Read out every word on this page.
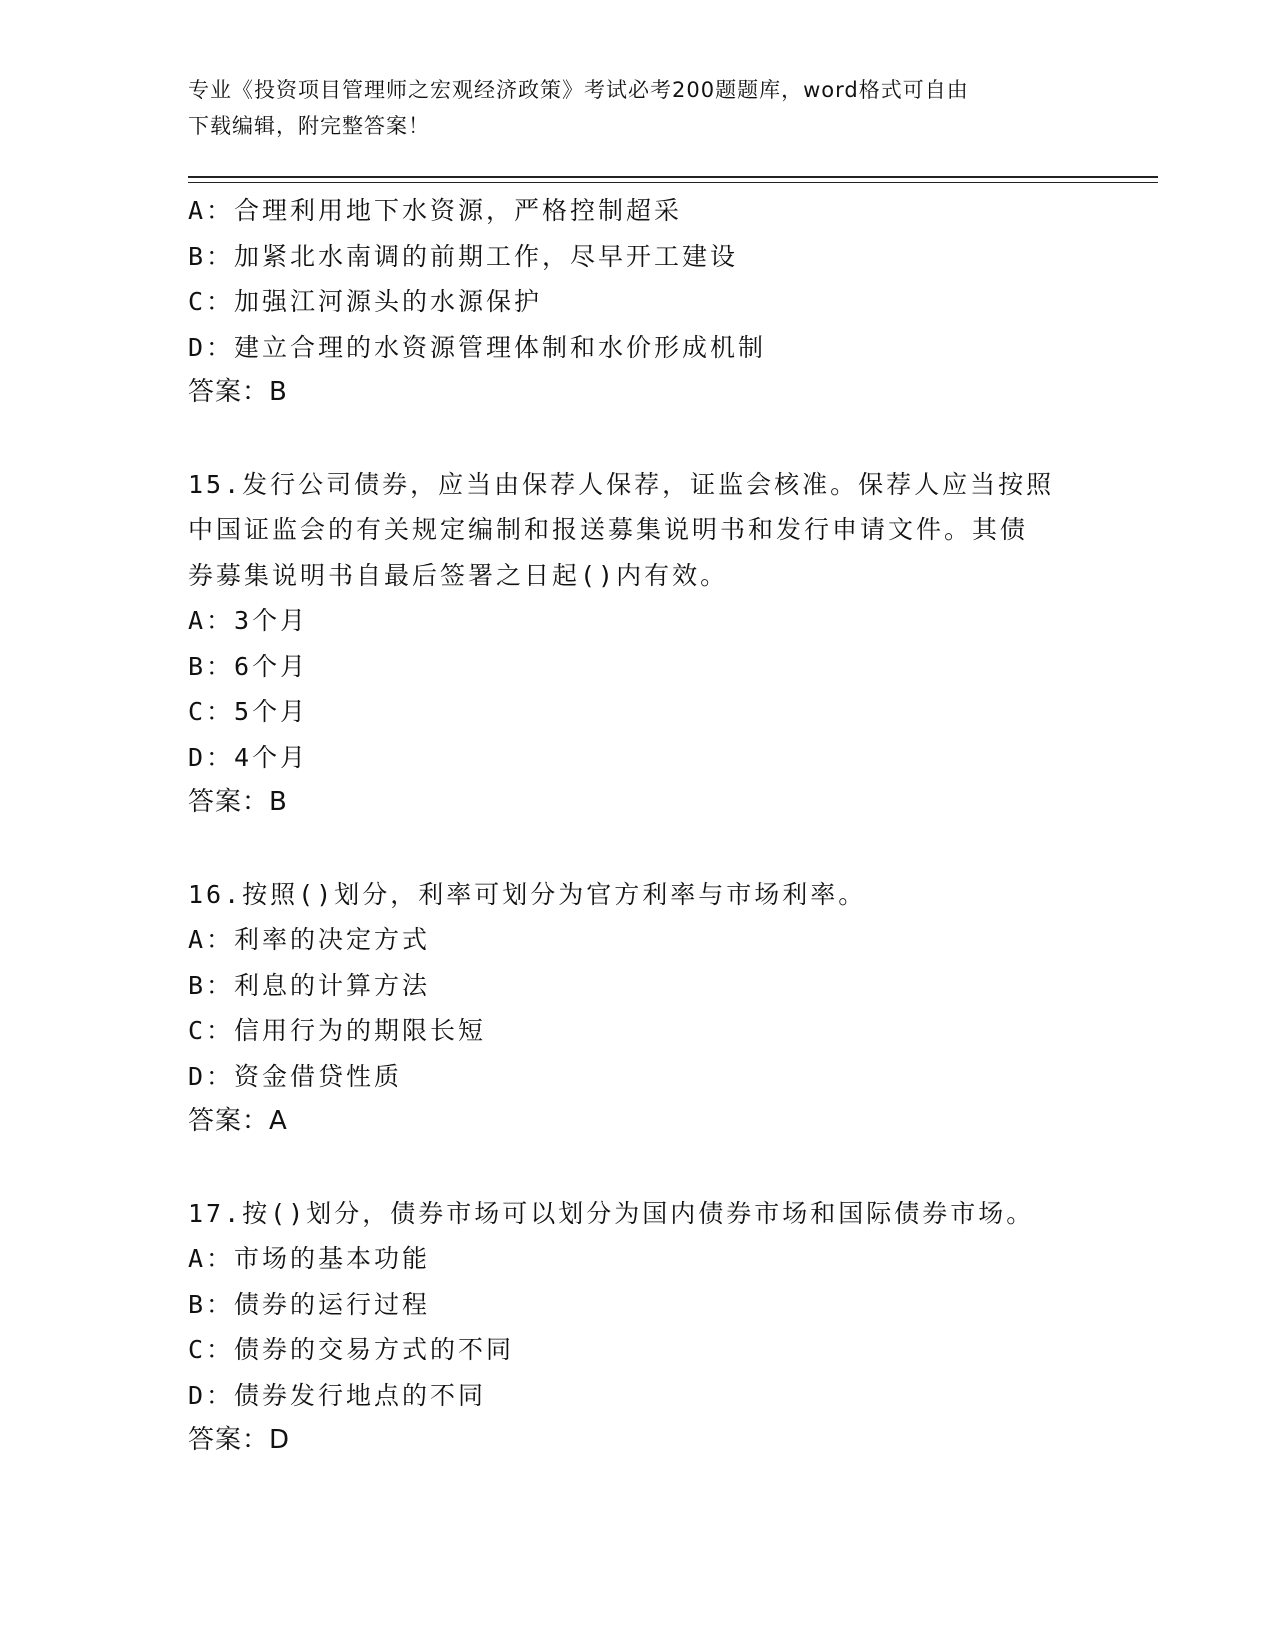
专业《投资项目管理师之宏观经济政策》考试必考200题题库，word格式可自由
下载编辑，附完整答案！
A：合理利用地下水资源，严格控制超采
B：加紧北水南调的前期工作，尽早开工建设
C：加强江河源头的水源保护
D：建立合理的水资源管理体制和水价形成机制
答案：B
15.发行公司债券，应当由保荐人保荐，证监会核准。保荐人应当按照
中国证监会的有关规定编制和报送募集说明书和发行申请文件。其债
券募集说明书自最后签署之日起()内有效。
A：3个月
B：6个月
C：5个月
D：4个月
答案：B
16.按照()划分，利率可划分为官方利率与市场利率。
A：利率的决定方式
B：利息的计算方法
C：信用行为的期限长短
D：资金借贷性质
答案：A
17.按()划分，债券市场可以划分为国内债券市场和国际债券市场。
A：市场的基本功能
B：债券的运行过程
C：债券的交易方式的不同
D：债券发行地点的不同
答案：D
